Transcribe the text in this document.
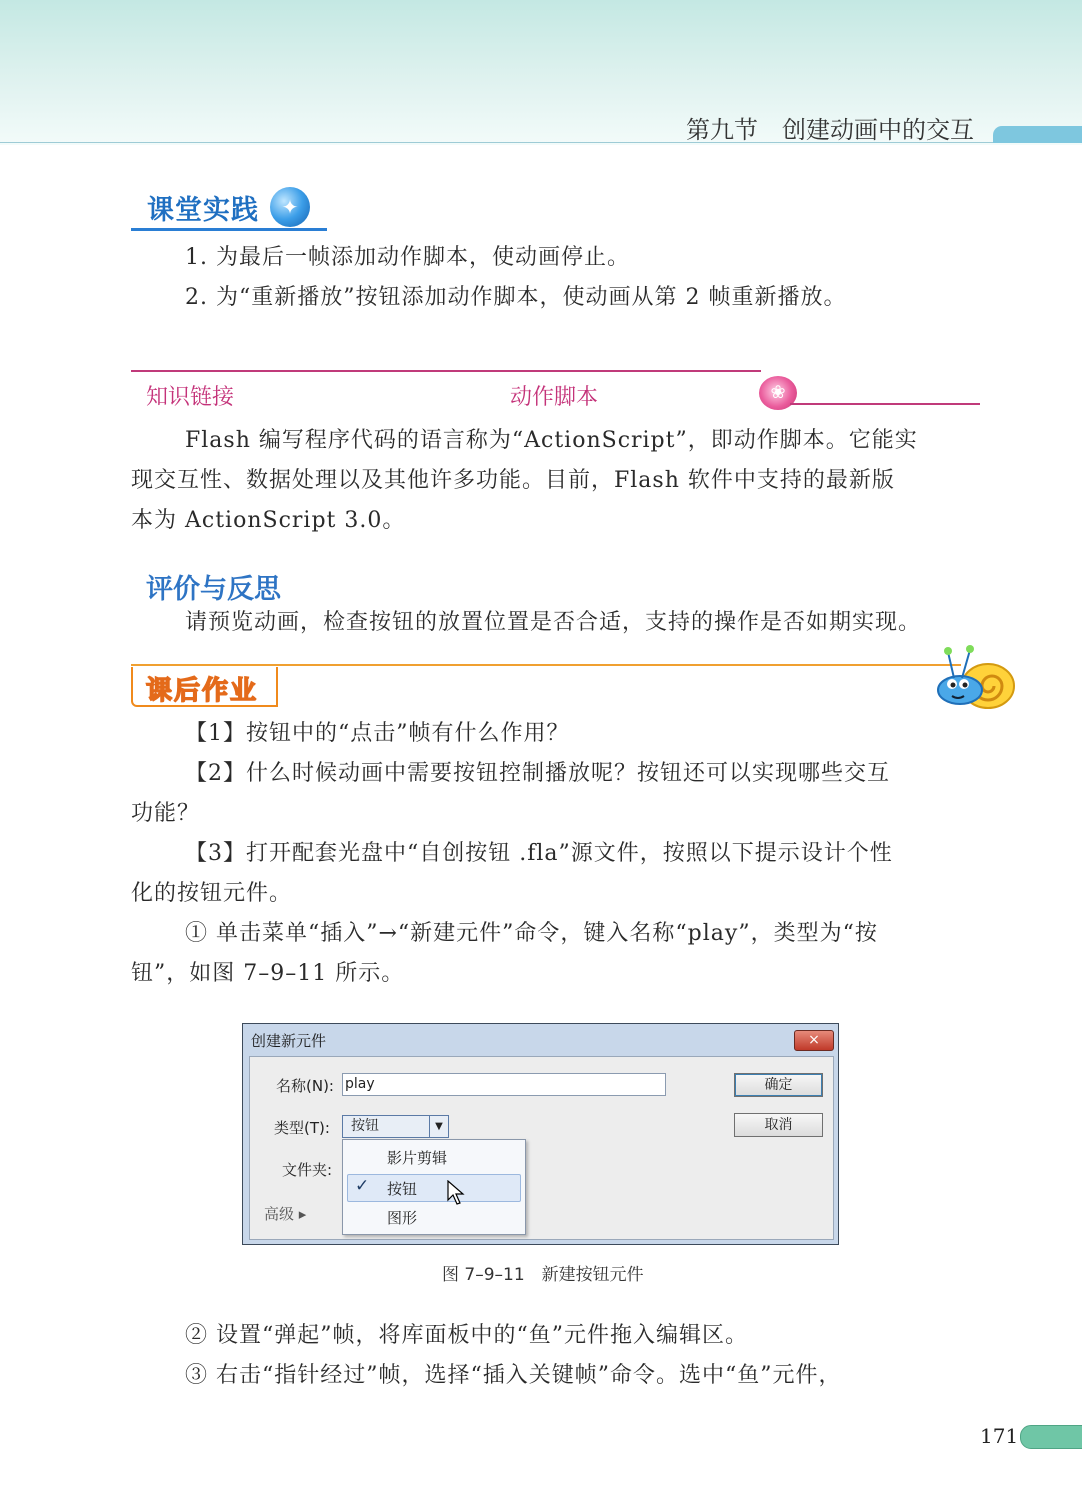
第九节　创建动画中的交互
课堂实践	✦
1. 为最后一帧添加动作脚本，使动画停止。
2. 为“重新播放”按钮添加动作脚本，使动画从第 2 帧重新播放。
知识链接	动作脚本	❀
Flash 编写程序代码的语言称为“ActionScript”，即动作脚本。它能实
现交互性、数据处理以及其他许多功能。目前，Flash 软件中支持的最新版
本为 ActionScript 3.0。
评价与反思
请预览动画，检查按钮的放置位置是否合适，支持的操作是否如期实现。
课后作业
【1】按钮中的“点击”帧有什么作用？
【2】什么时候动画中需要按钮控制播放呢？按钮还可以实现哪些交互
功能？
【3】打开配套光盘中“自创按钮 .fla”源文件，按照以下提示设计个性
化的按钮元件。
① 单击菜单“插入”→“新建元件”命令，键入名称“play”，类型为“按
钮”，如图 7–9–11 所示。
创建新元件	×
名称(N): play	确定
类型(T): 按钮	▼	取消
文件夹:
高级 ▸
影片剪辑
✓ 按钮
图形
图 7–9–11　新建按钮元件
② 设置“弹起”帧，将库面板中的“鱼”元件拖入编辑区。
③ 右击“指针经过”帧，选择“插入关键帧”命令。选中“鱼”元件，
171
